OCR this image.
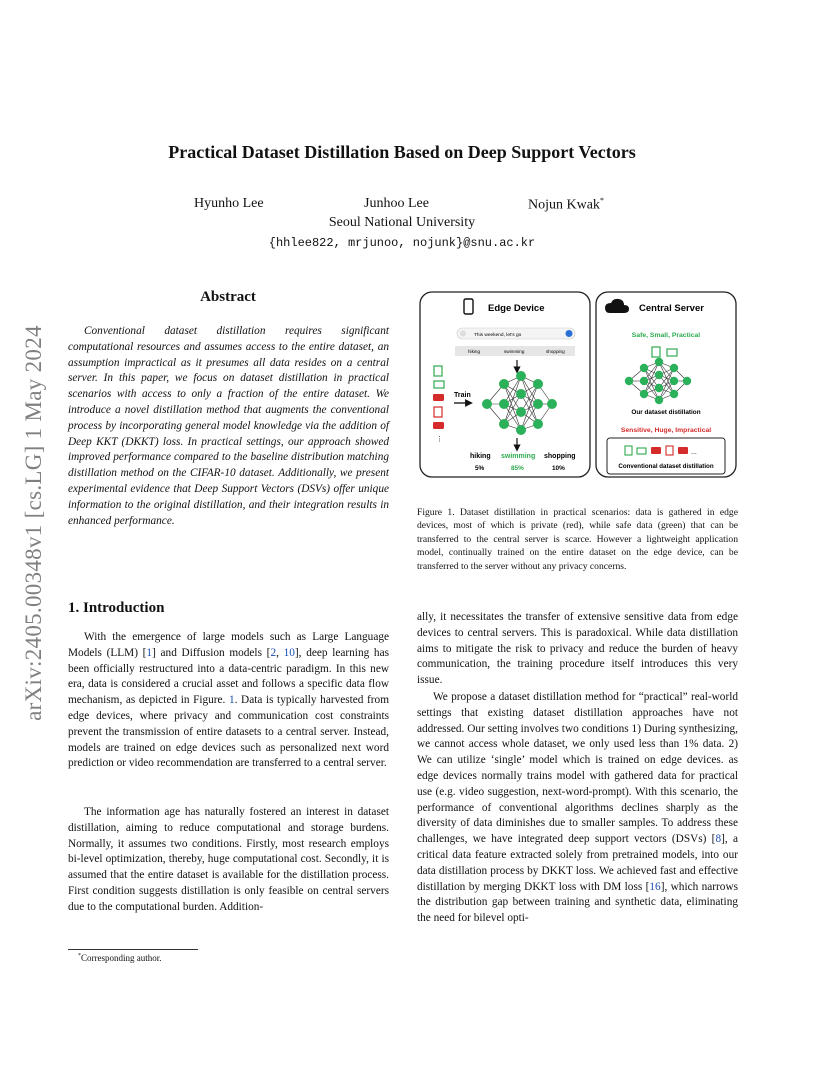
arXiv:2405.00348v1 [cs.LG] 1 May 2024
Practical Dataset Distillation Based on Deep Support Vectors
Hyunho Lee	Junhoo Lee	Nojun Kwak*
Seoul National University
{hhlee822, mrjunoo, nojunk}@snu.ac.kr
Abstract

Conventional dataset distillation requires significant computational resources and assumes access to the entire dataset, an assumption impractical as it presumes all data resides on a central server. In this paper, we focus on dataset distillation in practical scenarios with access to only a fraction of the entire dataset. We introduce a novel distillation method that augments the conventional process by incorporating general model knowledge via the addition of Deep KKT (DKKT) loss. In practical settings, our approach showed improved performance compared to the baseline distribution matching distillation method on the CIFAR-10 dataset. Additionally, we present experimental evidence that Deep Support Vectors (DSVs) offer unique information to the original distillation, and their integration results in enhanced performance.

1. Introduction

With the emergence of large models such as Large Language Models (LLM) [1] and Diffusion models [2, 10], deep learning has been officially restructured into a data-centric paradigm. In this new era, data is considered a crucial asset and follows a specific data flow mechanism, as depicted in Figure. 1. Data is typically harvested from edge devices, where privacy and communication cost constraints prevent the transmission of entire datasets to a central server. Instead, models are trained on edge devices such as personalized next word prediction or video recommendation are transferred to a central server.

The information age has naturally fostered an interest in dataset distillation, aiming to reduce computational and storage burdens. Normally, it assumes two conditions. Firstly, most research employs bi-level optimization, thereby, huge computational cost. Secondly, it is assumed that the entire dataset is available for the distillation process. First condition suggests distillation is only feasible on central servers due to the computational burden. Addition-

*Corresponding author.
Edge Device
This weekend, let's go
hiking	swimming	shopping
⋮
Train
hiking swimming shopping
5%	85%	10%
Central Server
Safe, Small, Practical
Our dataset distillation
Sensitive, Huge, Impractical
...
Conventional dataset distillation

Figure 1. Dataset distillation in practical scenarios: data is gathered in edge devices, most of which is private (red), while safe data (green) that can be transferred to the central server is scarce. However a lightweight application model, continually trained on the entire dataset on the edge device, can be transferred to the server without any privacy concerns.

ally, it necessitates the transfer of extensive sensitive data from edge devices to central servers. This is paradoxical. While data distillation aims to mitigate the risk to privacy and reduce the burden of heavy communication, the training procedure itself introduces this very issue.

We propose a dataset distillation method for “practical” real-world settings that existing dataset distillation approaches have not addressed. Our setting involves two conditions 1) During synthesizing, we cannot access whole dataset, we only used less than 1% data. 2) We can utilize ‘single’ model which is trained on edge devices. as edge devices normally trains model with gathered data for practical use (e.g. video suggestion, next-word-prompt). With this scenario, the performance of conventional algorithms declines sharply as the diversity of data diminishes due to smaller samples. To address these challenges, we have integrated deep support vectors (DSVs) [8], a critical data feature extracted solely from pretrained models, into our data distillation process by DKKT loss. We achieved fast and effective distillation by merging DKKT loss with DM loss [16], which narrows the distribution gap between training and synthetic data, eliminating the need for bilevel opti-
